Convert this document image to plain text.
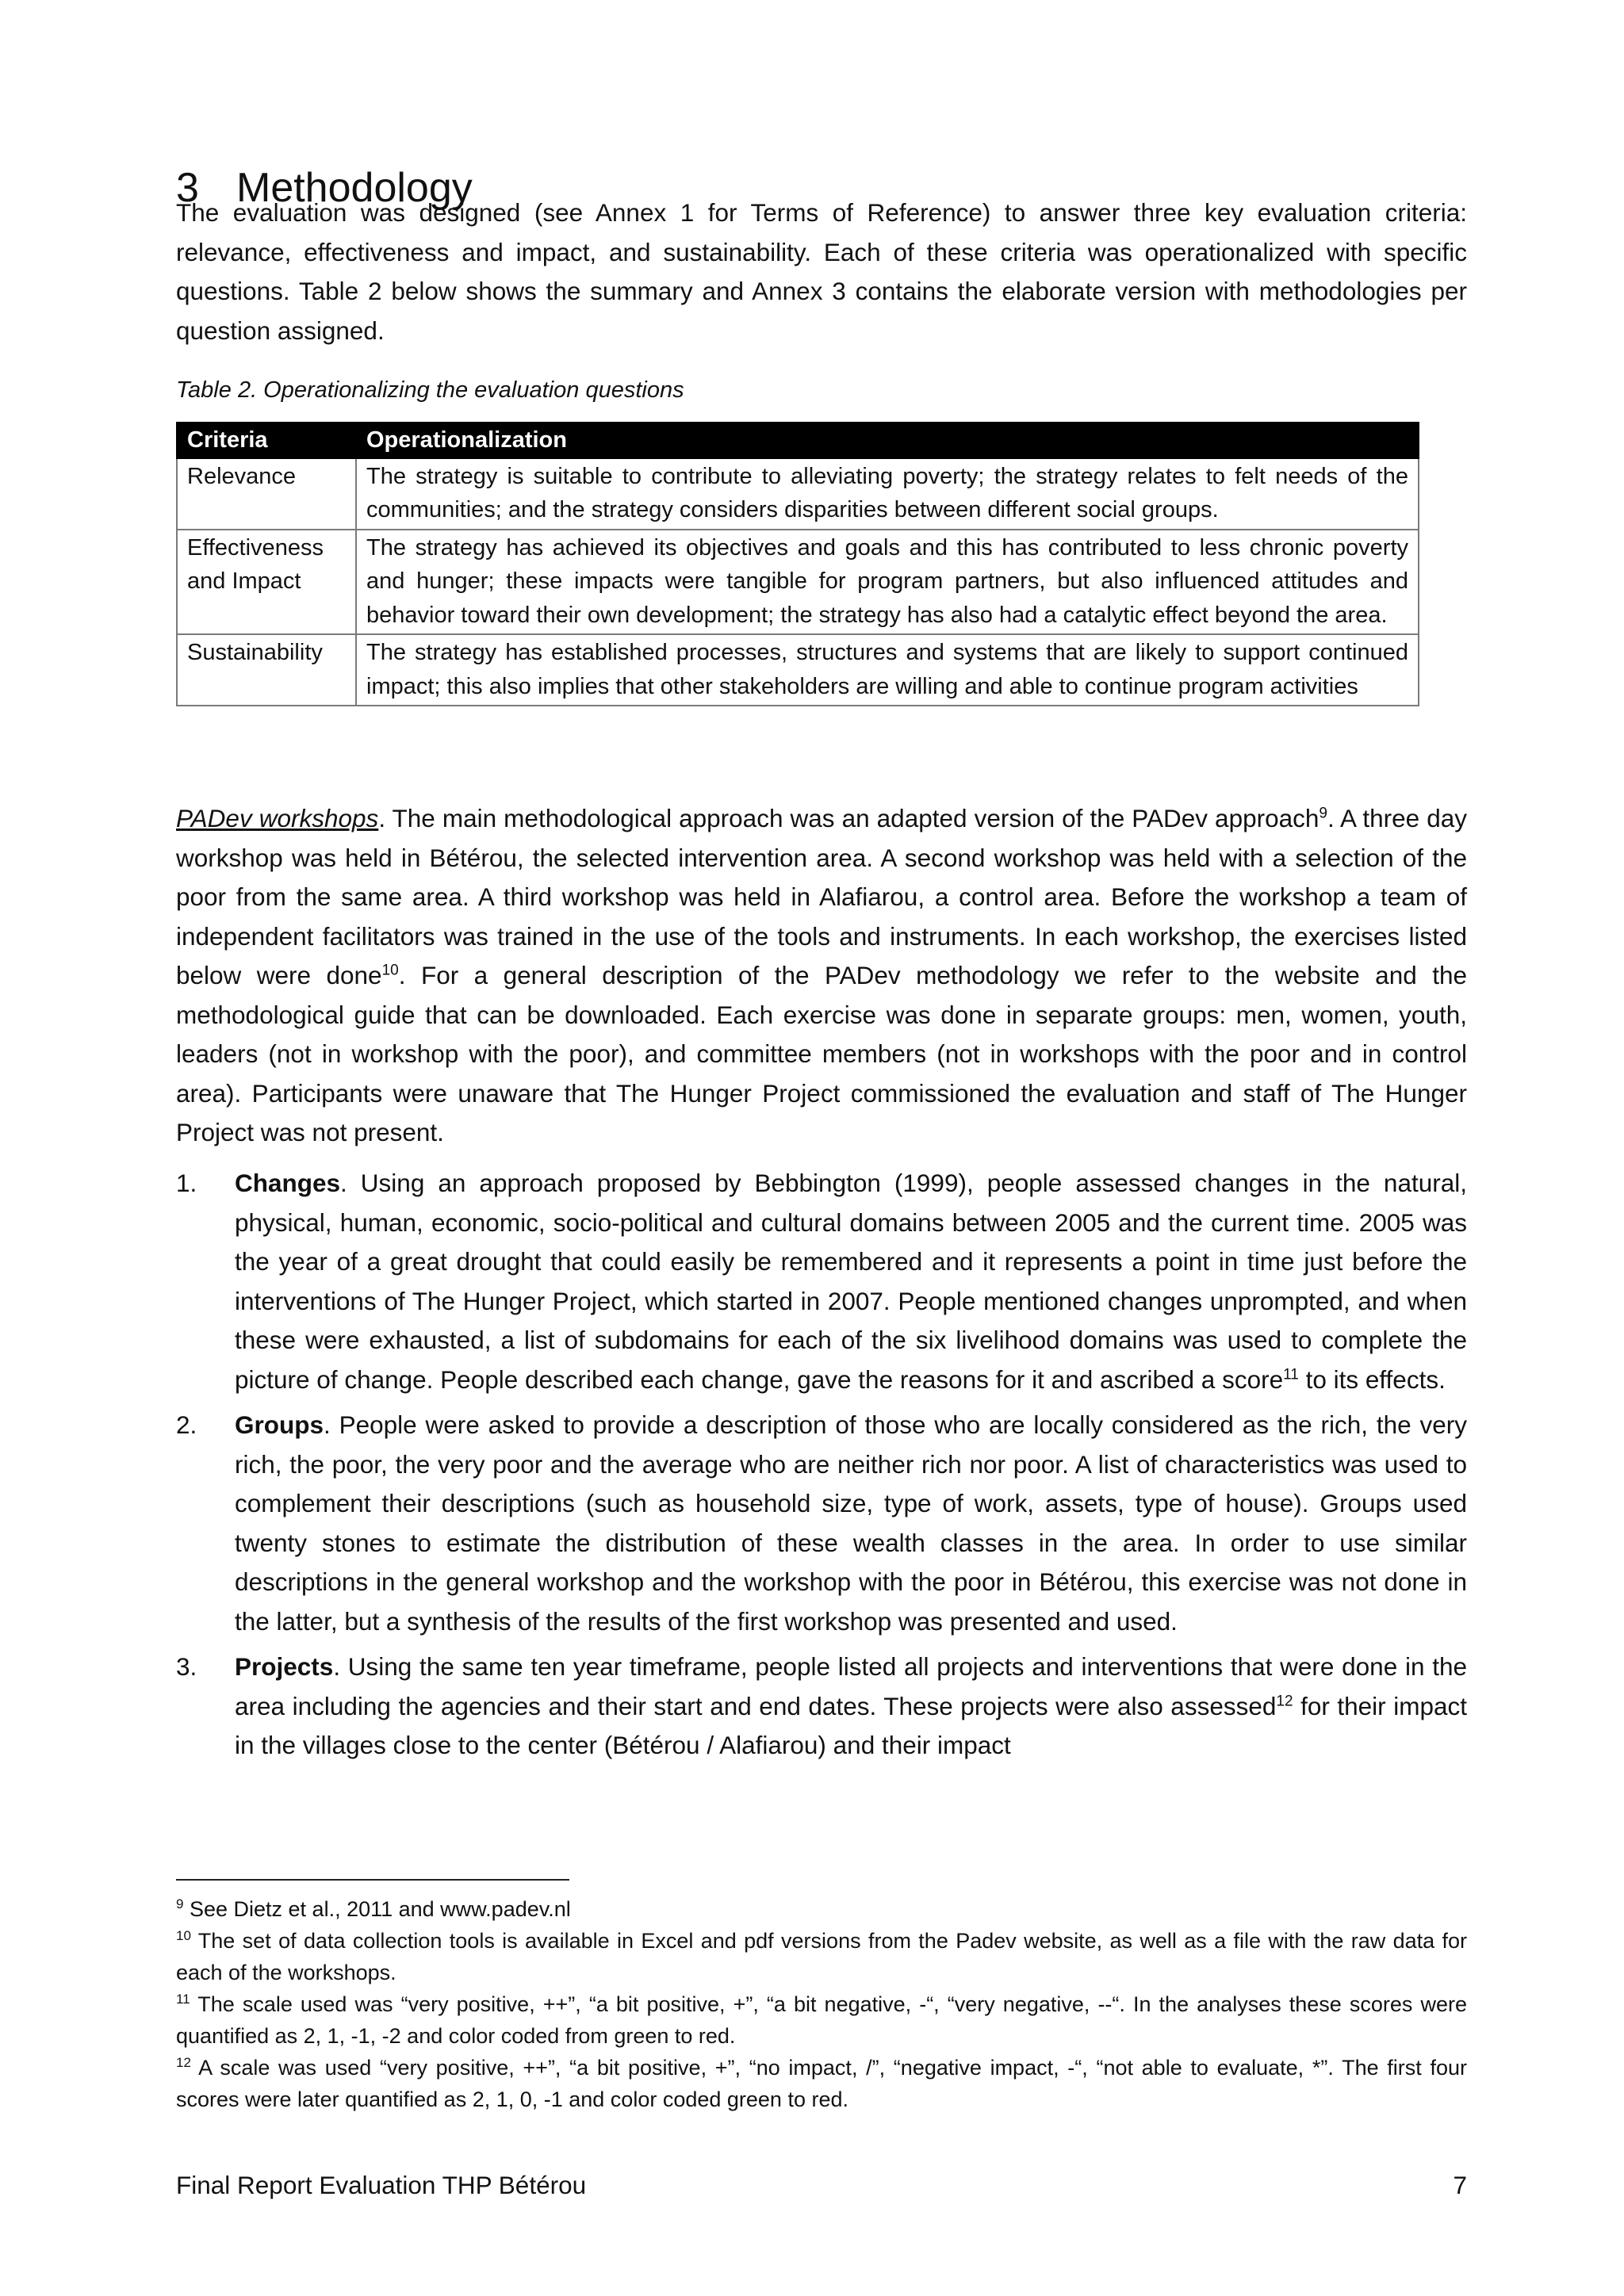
3 Methodology

The evaluation was designed (see Annex 1 for Terms of Reference) to answer three key evaluation criteria: relevance, effectiveness and impact, and sustainability. Each of these criteria was operationalized with specific questions. Table 2 below shows the summary and Annex 3 contains the elaborate version with methodologies per question assigned.

Table 2. Operationalizing the evaluation questions
Criteria	Operationalization
Relevance	The strategy is suitable to contribute to alleviating poverty; the strategy relates to felt needs of the communities; and the strategy considers disparities between different social groups.
Effectiveness and Impact	The strategy has achieved its objectives and goals and this has contributed to less chronic poverty and hunger; these impacts were tangible for program partners, but also influenced attitudes and behavior toward their own development; the strategy has also had a catalytic effect beyond the area.
Sustainability	The strategy has established processes, structures and systems that are likely to support continued impact; this also implies that other stakeholders are willing and able to continue program activities

PADev workshops. The main methodological approach was an adapted version of the PADev approach$^9$. A three day workshop was held in Bétérou, the selected intervention area. A second workshop was held with a selection of the poor from the same area. A third workshop was held in Alafiarou, a control area. Before the workshop a team of independent facilitators was trained in the use of the tools and instruments. In each workshop, the exercises listed below were done$^{10}$. For a general description of the PADev methodology we refer to the website and the methodological guide that can be downloaded. Each exercise was done in separate groups: men, women, youth, leaders (not in workshop with the poor), and committee members (not in workshops with the poor and in control area). Participants were unaware that The Hunger Project commissioned the evaluation and staff of The Hunger Project was not present.

1. Changes. Using an approach proposed by Bebbington (1999), people assessed changes in the natural, physical, human, economic, socio-political and cultural domains between 2005 and the current time. 2005 was the year of a great drought that could easily be remembered and it represents a point in time just before the interventions of The Hunger Project, which started in 2007. People mentioned changes unprompted, and when these were exhausted, a list of subdomains for each of the six livelihood domains was used to complete the picture of change. People described each change, gave the reasons for it and ascribed a score$^{11}$ to its effects.
2. Groups. People were asked to provide a description of those who are locally considered as the rich, the very rich, the poor, the very poor and the average who are neither rich nor poor. A list of characteristics was used to complement their descriptions (such as household size, type of work, assets, type of house). Groups used twenty stones to estimate the distribution of these wealth classes in the area. In order to use similar descriptions in the general workshop and the workshop with the poor in Bétérou, this exercise was not done in the latter, but a synthesis of the results of the first workshop was presented and used.
3. Projects. Using the same ten year timeframe, people listed all projects and interventions that were done in the area including the agencies and their start and end dates. These projects were also assessed$^{12}$ for their impact in the villages close to the center (Bétérou / Alafiarou) and their impact
$^9$ See Dietz et al., 2011 and www.padev.nl
$^{10}$ The set of data collection tools is available in Excel and pdf versions from the Padev website, as well as a file with the raw data for each of the workshops.
$^{11}$ The scale used was “very positive, ++”, “a bit positive, +”, “a bit negative, -“, “very negative, --“. In the analyses these scores were quantified as 2, 1, -1, -2 and color coded from green to red.
$^{12}$ A scale was used “very positive, ++”, “a bit positive, +”, “no impact, /”, “negative impact, -“, “not able to evaluate, *”. The first four scores were later quantified as 2, 1, 0, -1 and color coded green to red.
Final Report Evaluation THP Bétérou	7
